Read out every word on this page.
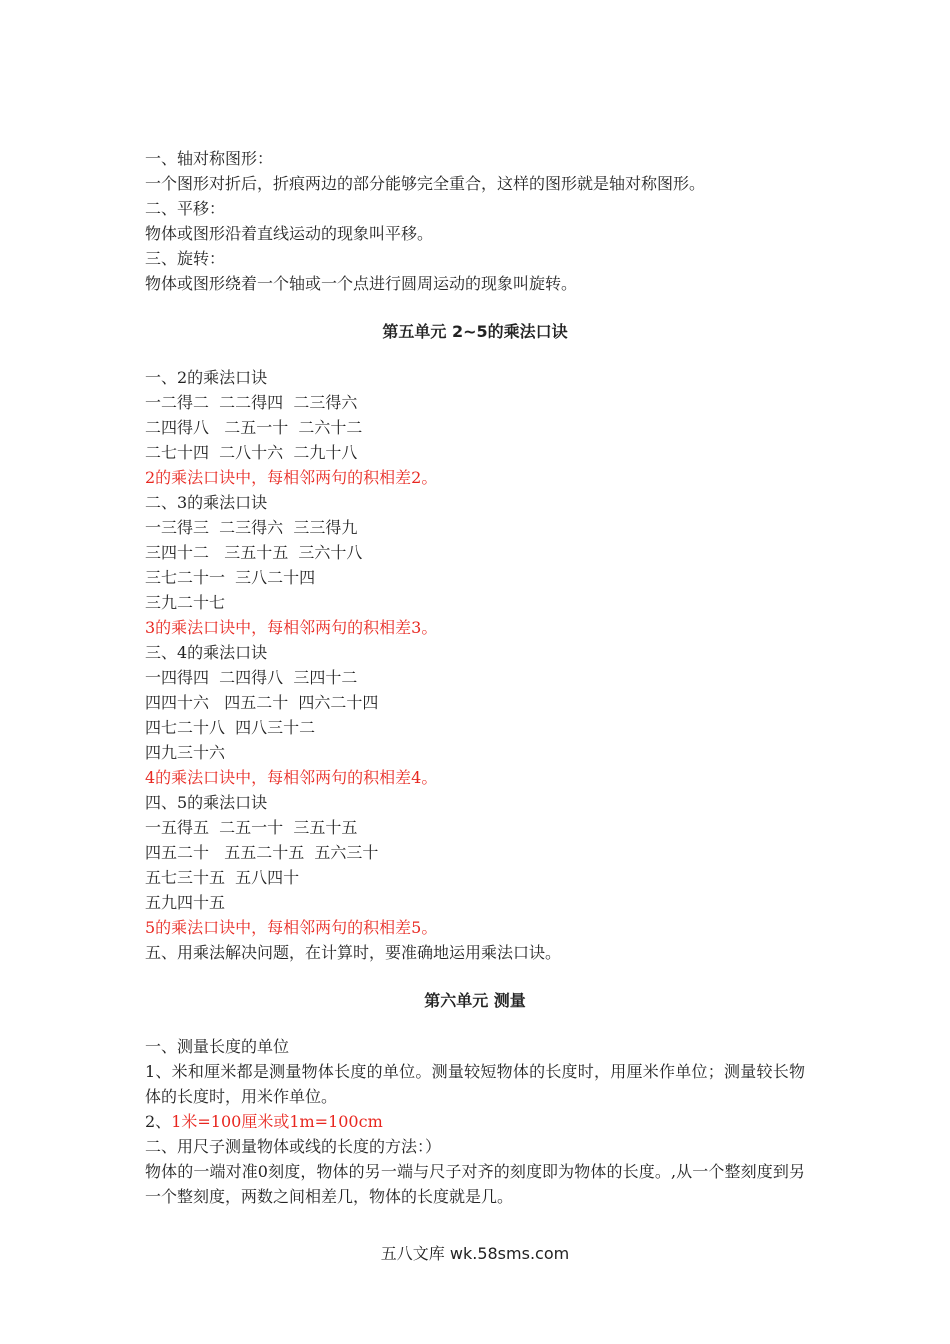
一、轴对称图形：
一个图形对折后，折痕两边的部分能够完全重合，这样的图形就是轴对称图形。
二、平移：
物体或图形沿着直线运动的现象叫平移。
三、旋转：
物体或图形绕着一个轴或一个点进行圆周运动的现象叫旋转。
第五单元 2~5的乘法口诀
一、2的乘法口诀
一二得二  二二得四  二三得六
二四得八   二五一十  二六十二
二七十四  二八十六  二九十八
2的乘法口诀中，每相邻两句的积相差2。
二、3的乘法口诀
一三得三  二三得六  三三得九
三四十二   三五十五  三六十八
三七二十一  三八二十四
三九二十七
3的乘法口诀中，每相邻两句的积相差3。
三、4的乘法口诀
一四得四  二四得八  三四十二
四四十六   四五二十  四六二十四
四七二十八  四八三十二
四九三十六
4的乘法口诀中，每相邻两句的积相差4。
四、5的乘法口诀
一五得五  二五一十  三五十五
四五二十   五五二十五  五六三十
五七三十五  五八四十
五九四十五
5的乘法口诀中，每相邻两句的积相差5。
五、用乘法解决问题，在计算时，要准确地运用乘法口诀。
第六单元 测量
一、测量长度的单位
1、米和厘米都是测量物体长度的单位。测量较短物体的长度时，用厘米作单位；测量较长物体的长度时，用米作单位。
2、1米=100厘米或1m=100cm
二、用尺子测量物体或线的长度的方法：）
物体的一端对准0刻度，物体的另一端与尺子对齐的刻度即为物体的长度。,从一个整刻度到另一个整刻度，两数之间相差几，物体的长度就是几。
五八文库 wk.58sms.com
